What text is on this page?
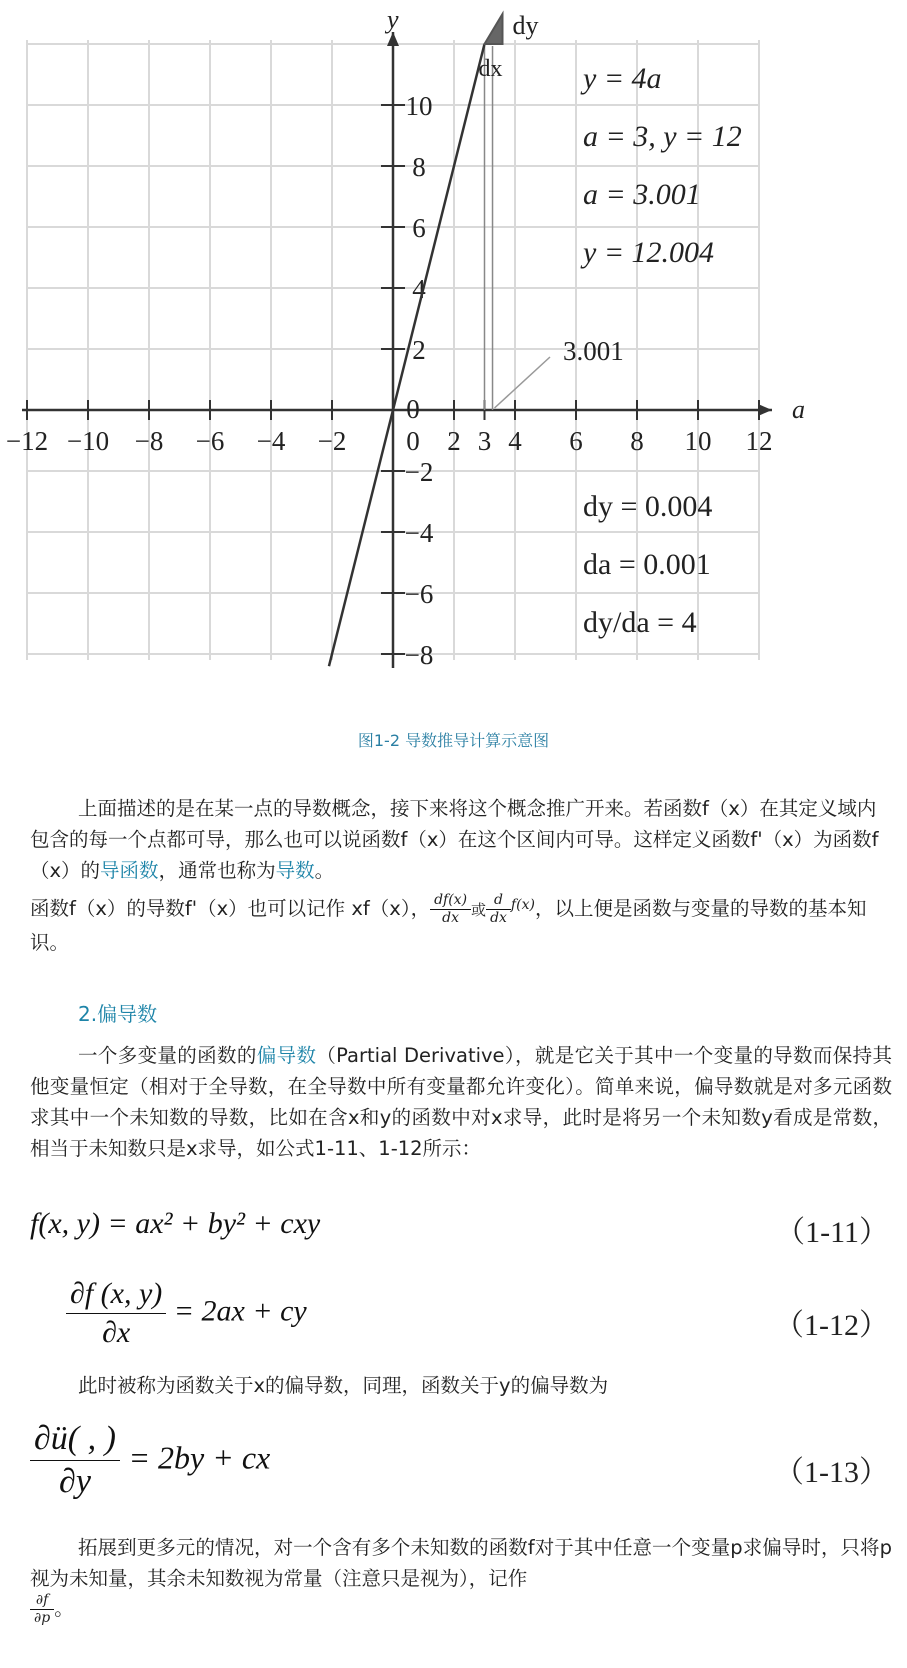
a
y
−12 −10 −8 −6 −4 −2 0 2 3 4 6 8 10 12
10
8
6
4
2
0
−2
−4
−6
−8
dy
dx
3.001
y = 4a
a = 3, y = 12
a = 3.001
y = 12.004
dy = 0.004
da = 0.001
dy/da = 4
图1-2 导数推导计算示意图

上面描述的是在某一点的导数概念，接下来将这个概念推广开来。若函数f（x）在其定义域内包含的每一个点都可导，那么也可以说函数f（x）在这个区间内可导。这样定义函数f'（x）为函数f（x）的导函数，通常也称为导数。

函数f（x）的导数f'（x）也可以记作 xf（x）， $\frac{df(x)}{dx}$ 或 $\frac{d}{dx} ^{f(x)}$，以上便是函数与变量的导数的基本知识。

2.偏导数

一个多变量的函数的偏导数（Partial Derivative），就是它关于其中一个变量的导数而保持其他变量恒定（相对于全导数，在全导数中所有变量都允许变化）。简单来说，偏导数就是对多元函数求其中一个未知数的导数，比如在含x和y的函数中对x求导，此时是将另一个未知数y看成是常数，相当于未知数只是x求导，如公式1-11、1-12所示：

f(x, y) = ax² + by² + cxy	（1-11）
$\frac{\partial f (x, y)}{\partial x} = 2ax$ + cy	（1-12）

此时被称为函数关于x的偏导数，同理，函数关于y的偏导数为

$\frac{\partial ü( , )}{\partial y} = 2by$ + cx	（1-13）

拓展到更多元的情况，对一个含有多个未知数的函数f对于其中任意一个变量p求偏导时，只将p视为未知量，其余未知数视为常量（注意只是视为），记作

$\frac{\partial f}{\partial p}$ 。
